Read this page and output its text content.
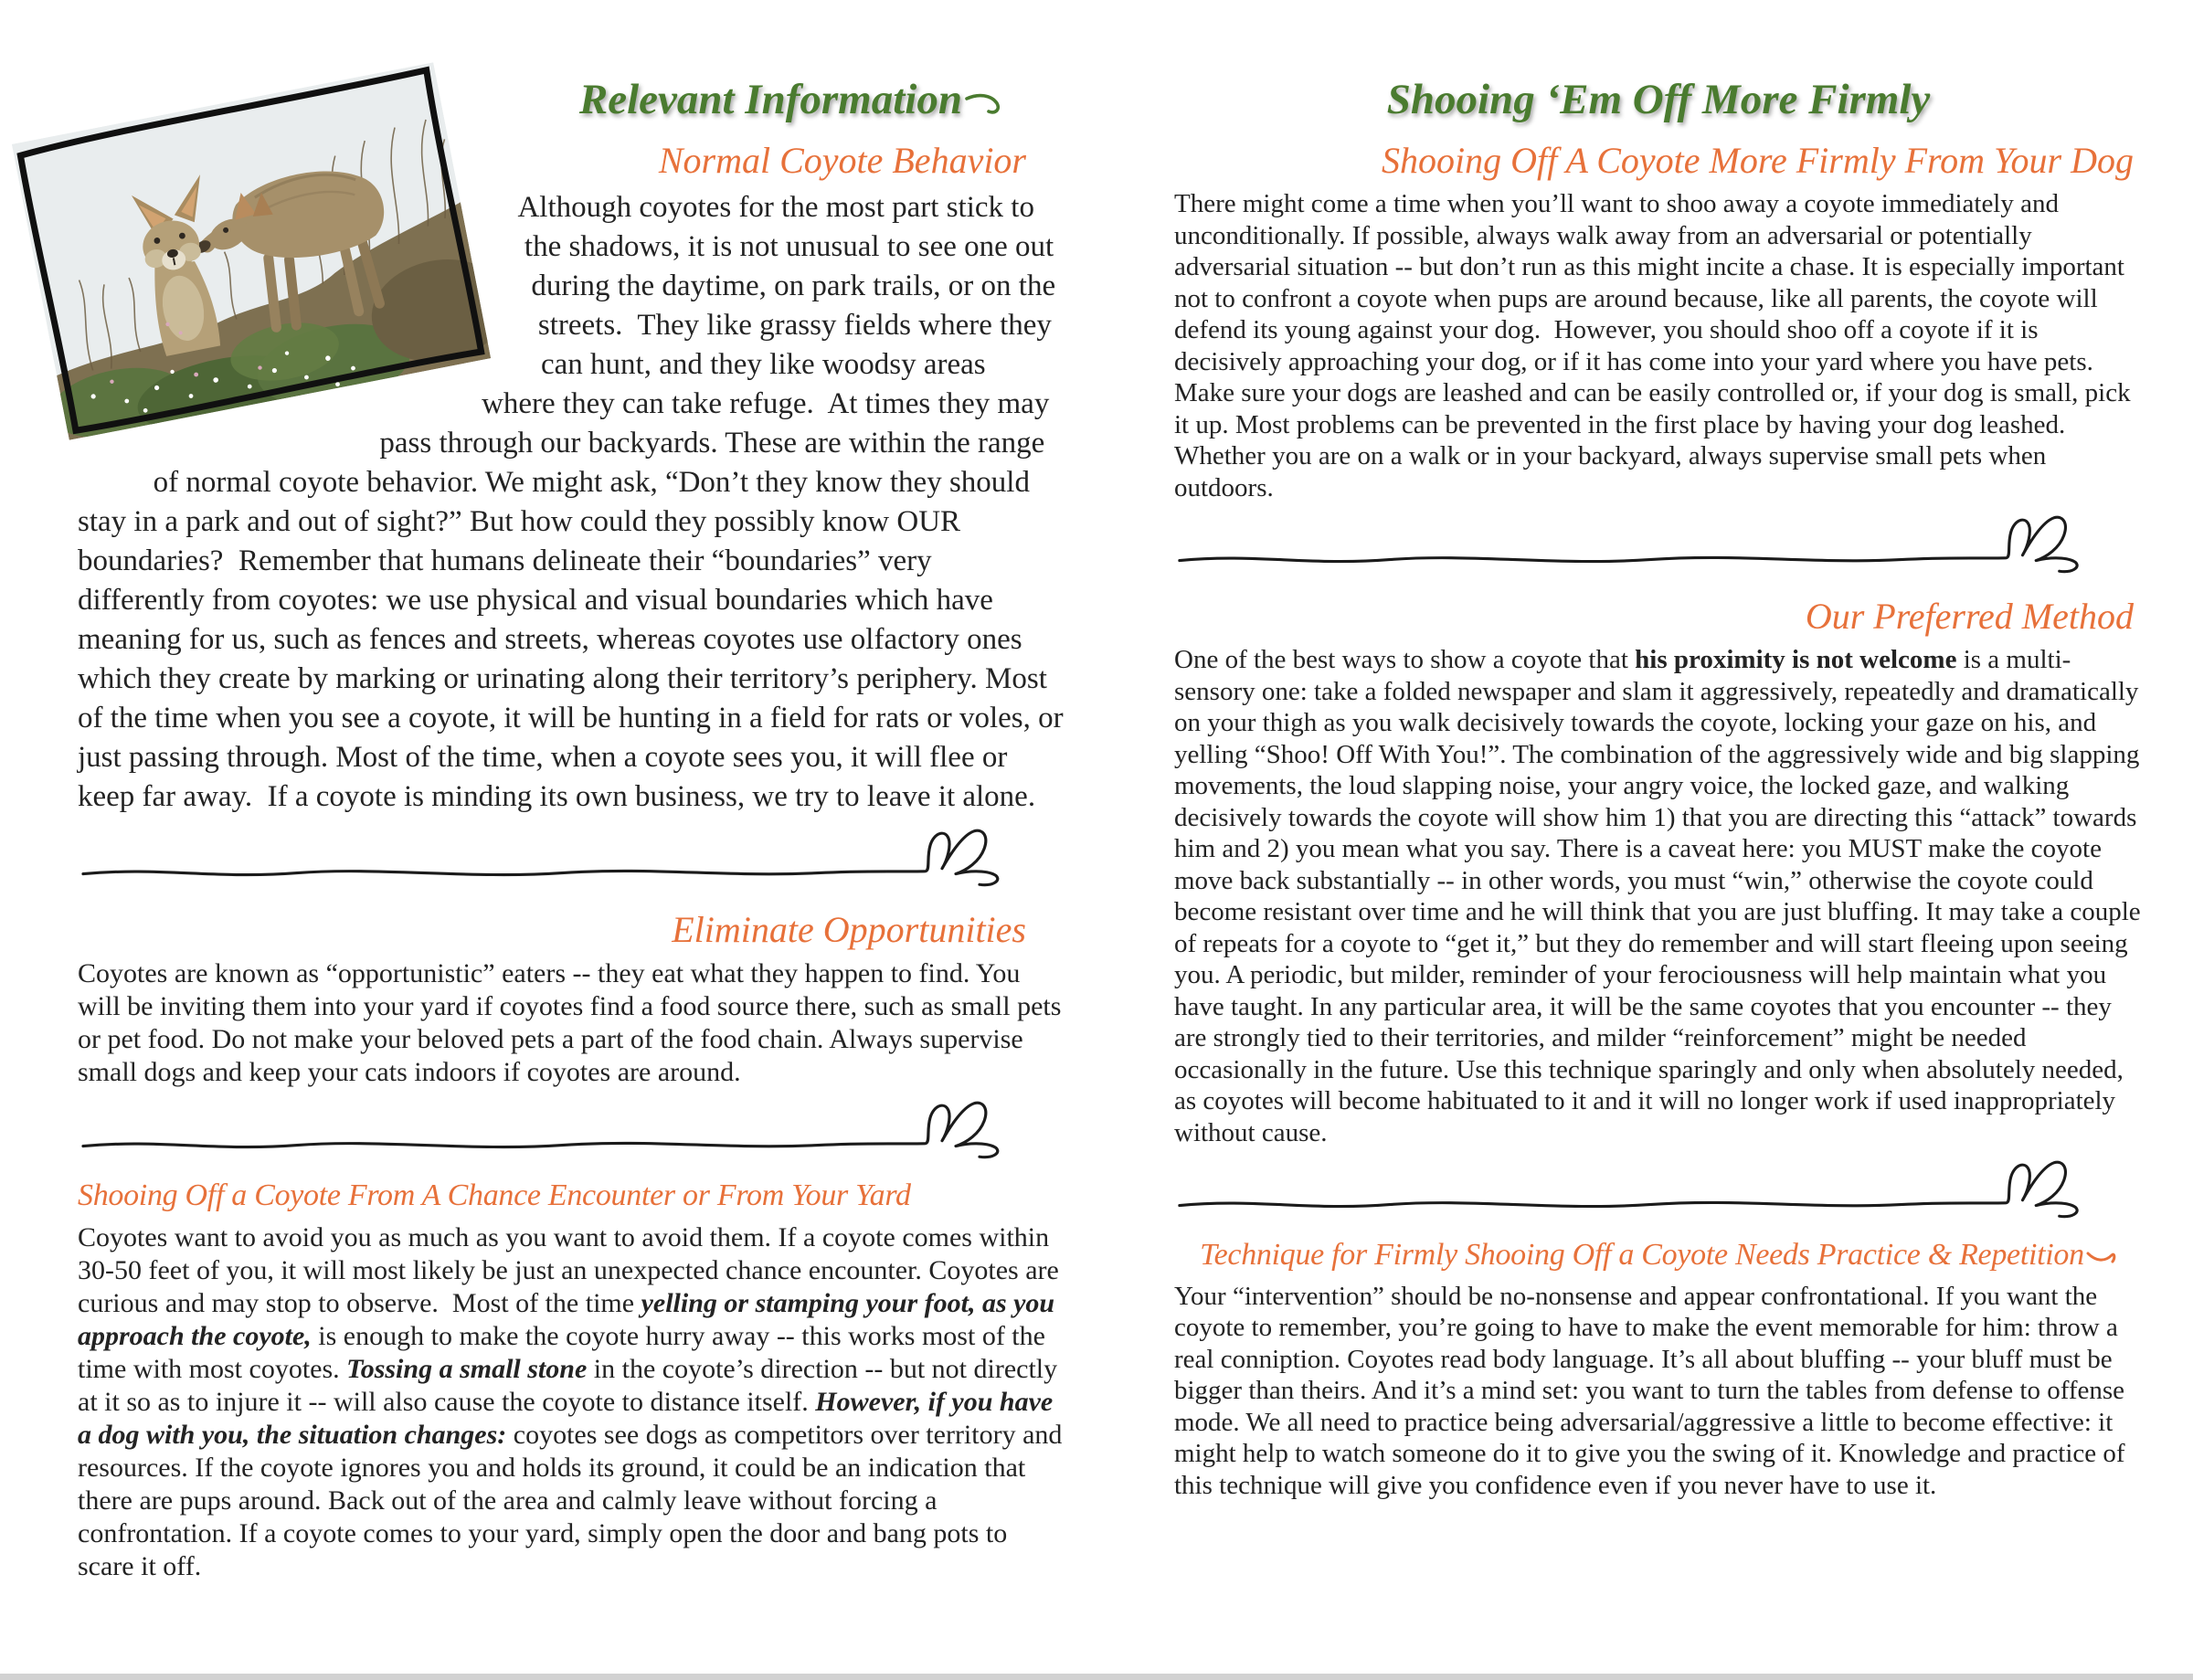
Relevant Information
Normal Coyote Behavior

Although coyotes for the most part stick to the shadows, it is not unusual to see one out during the daytime, on park trails, or on the streets.  They like grassy fields where they can hunt, and they like woodsy areas where they can take refuge.  At times they may pass through our backyards. These are within the range of normal coyote behavior. We might ask, “Don’t they know they should stay in a park and out of sight?” But how could they possibly know OUR boundaries?  Remember that humans delineate their “boundaries” very differently from coyotes: we use physical and visual boundaries which have meaning for us, such as fences and streets, whereas coyotes use olfactory ones which they create by marking or urinating along their territory’s periphery. Most of the time when you see a coyote, it will be hunting in a field for rats or voles, or just passing through. Most of the time, when a coyote sees you, it will flee or keep far away.  If a coyote is minding its own business, we try to leave it alone.

Eliminate Opportunities

Coyotes are known as “opportunistic” eaters -- they eat what they happen to find. You will be inviting them into your yard if coyotes find a food source there, such as small pets or pet food. Do not make your beloved pets a part of the food chain. Always supervise small dogs and keep your cats indoors if coyotes are around.

Shooing Off a Coyote From A Chance Encounter or From Your Yard

Coyotes want to avoid you as much as you want to avoid them. If a coyote comes within 30-50 feet of you, it will most likely be just an unexpected chance encounter. Coyotes are curious and may stop to observe.  Most of the time yelling or stamping your foot, as you approach the coyote, is enough to make the coyote hurry away -- this works most of the time with most coyotes. Tossing a small stone in the coyote’s direction -- but not directly at it so as to injure it -- will also cause the coyote to distance itself. However, if you have a dog with you, the situation changes: coyotes see dogs as competitors over territory and resources. If the coyote ignores you and holds its ground, it could be an indication that there are pups around. Back out of the area and calmly leave without forcing a confrontation. If a coyote comes to your yard, simply open the door and bang pots to scare it off.

Shooing ‘Em Off More Firmly
Shooing Off A Coyote More Firmly From Your Dog

There might come a time when you’ll want to shoo away a coyote immediately and unconditionally. If possible, always walk away from an adversarial or potentially adversarial situation -- but don’t run as this might incite a chase. It is especially important not to confront a coyote when pups are around because, like all parents, the coyote will defend its young against your dog.  However, you should shoo off a coyote if it is decisively approaching your dog, or if it has come into your yard where you have pets. Make sure your dogs are leashed and can be easily controlled or, if your dog is small, pick it up. Most problems can be prevented in the first place by having your dog leashed. Whether you are on a walk or in your backyard, always supervise small pets when outdoors.

Our Preferred Method

One of the best ways to show a coyote that his proximity is not welcome is a multi-sensory one: take a folded newspaper and slam it aggressively, repeatedly and dramatically on your thigh as you walk decisively towards the coyote, locking your gaze on his, and yelling “Shoo! Off With You!”. The combination of the aggressively wide and big slapping movements, the loud slapping noise, your angry voice, the locked gaze, and walking decisively towards the coyote will show him 1) that you are directing this “attack” towards him and 2) you mean what you say. There is a caveat here: you MUST make the coyote move back substantially -- in other words, you must “win,” otherwise the coyote could become resistant over time and he will think that you are just bluffing. It may take a couple of repeats for a coyote to “get it,” but they do remember and will start fleeing upon seeing you. A periodic, but milder, reminder of your ferociousness will help maintain what you have taught. In any particular area, it will be the same coyotes that you encounter -- they are strongly tied to their territories, and milder “reinforcement” might be needed occasionally in the future. Use this technique sparingly and only when absolutely needed, as coyotes will become habituated to it and it will no longer work if used inappropriately without cause.

Technique for Firmly Shooing Off a Coyote Needs Practice & Repetition

Your “intervention” should be no-nonsense and appear confrontational. If you want the coyote to remember, you’re going to have to make the event memorable for him: throw a real conniption. Coyotes read body language. It’s all about bluffing -- your bluff must be bigger than theirs. And it’s a mind set: you want to turn the tables from defense to offense mode. We all need to practice being adversarial/aggressive a little to become effective: it might help to watch someone do it to give you the swing of it. Knowledge and practice of this technique will give you confidence even if you never have to use it.
